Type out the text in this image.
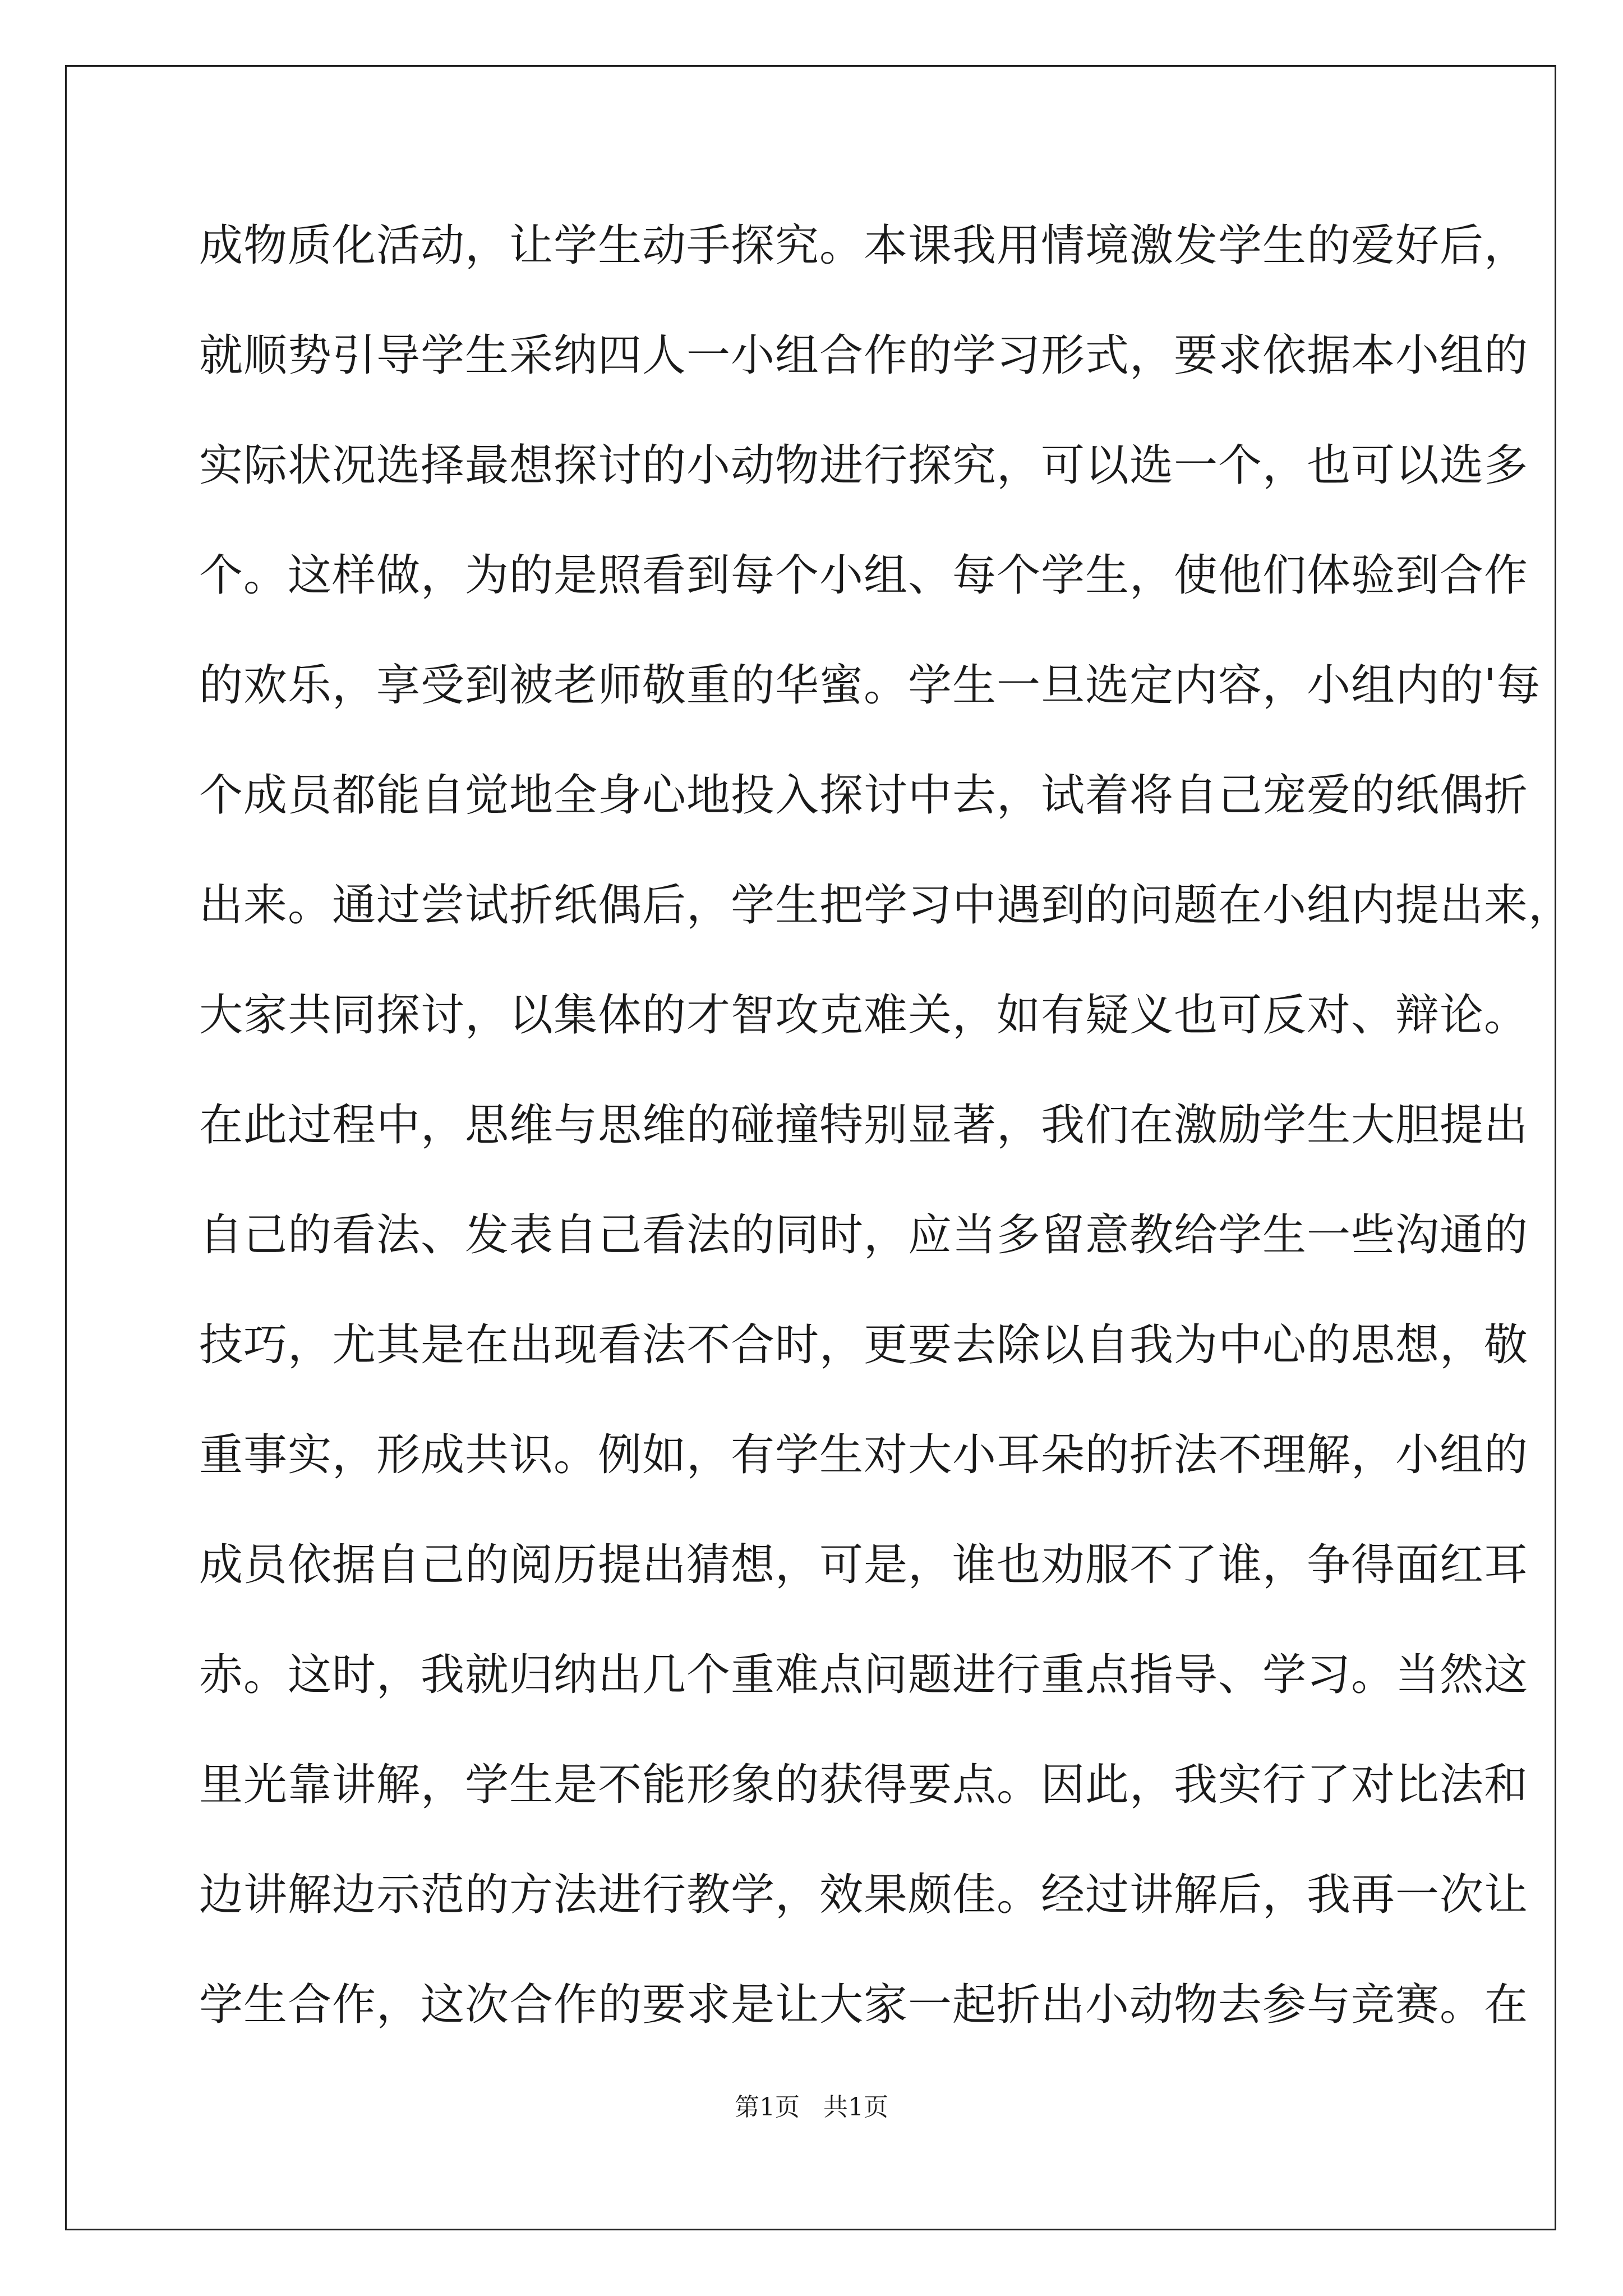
成物质化活动，让学生动手探究。本课我用情境激发学生的爱好后，
就顺势引导学生采纳四人一小组合作的学习形式，要求依据本小组的
实际状况选择最想探讨的小动物进行探究，可以选一个，也可以选多
个。这样做，为的是照看到每个小组、每个学生，使他们体验到合作
的欢乐，享受到被老师敬重的华蜜。学生一旦选定内容，小组内的'每
个成员都能自觉地全身心地投入探讨中去，试着将自己宠爱的纸偶折
出来。通过尝试折纸偶后，学生把学习中遇到的问题在小组内提出来，
大家共同探讨，以集体的才智攻克难关，如有疑义也可反对、辩论。
在此过程中，思维与思维的碰撞特别显著，我们在激励学生大胆提出
自己的看法、发表自己看法的同时，应当多留意教给学生一些沟通的
技巧，尤其是在出现看法不合时，更要去除以自我为中心的思想，敬
重事实，形成共识。例如，有学生对大小耳朵的折法不理解，小组的
成员依据自己的阅历提出猜想，可是，谁也劝服不了谁，争得面红耳
赤。这时，我就归纳出几个重难点问题进行重点指导、学习。当然这
里光靠讲解，学生是不能形象的获得要点。因此，我实行了对比法和
边讲解边示范的方法进行教学，效果颇佳。经过讲解后，我再一次让
学生合作，这次合作的要求是让大家一起折出小动物去参与竞赛。在
第1页 共1页
